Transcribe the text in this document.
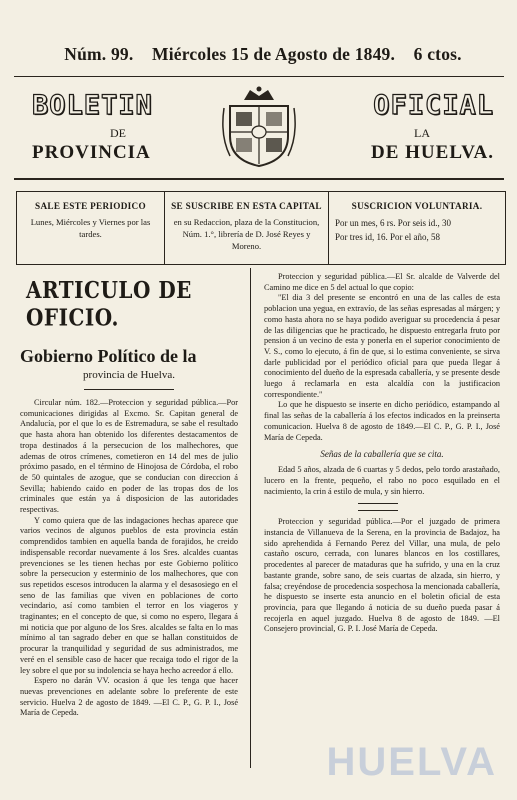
Núm. 99. Miércoles 15 de Agosto de 1849. 6 ctos.
BOLETIN
DE
PROVINCIA
OFICIAL
LA
DE HUELVA.
SALE ESTE PERIODICO
Lunes, Miércoles y Viernes por las tardes.
SE SUSCRIBE EN ESTA CAPITAL
en su Redaccion, plaza de la Constitucion, Núm. 1.°, librería de D. José Reyes y Moreno.
SUSCRICION VOLUNTARIA.
Por un mes, 6 rs. Por seis id., 30
Por tres id, 16. Por el año, 58
ARTICULO DE OFICIO.
Gobierno Político de la
provincia de Huelva.

Circular núm. 182.—Proteccion y seguridad pública.—Por comunicaciones dirigidas al Excmo. Sr. Capitan general de Andalucía, por el que lo es de Estremadura, se sabe el resultado que hasta ahora han obtenido los diferentes destacamentos de tropa destinados á la persecucion de los malhechores, que ademas de otros crímenes, cometieron en 14 del mes de julio próximo pasado, en el término de Hinojosa de Córdoba, el robo de 50 quintales de azogue, que se conducian con direccion á Sevilla; habiendo caido en poder de las tropas dos de los criminales que están ya á disposicion de las autoridades respectivas.

Y como quiera que de las indagaciones hechas aparece que varios vecinos de algunos pueblos de esta provincia están comprendidos tambien en aquella banda de forajidos, he creido indispensable recordar nuevamente á los Sres. alcaldes cuantas prevenciones se les tienen hechas por este Gobierno político sobre la persecucion y esterminio de los malhechores, que con sus repetidos escesos introducen la alarma y el desasosiego en el seno de las familias que viven en poblaciones de corto vecindario, así como tambien el terror en los viageros y traginantes; en el concepto de que, si como no espero, llegara á mi noticia que por alguno de los Sres. alcaldes se falta en lo mas mínimo al tan sagrado deber en que se hallan constituidos de procurar la tranquilidad y seguridad de sus administrados, me veré en el sensible caso de hacer que recaiga todo el rigor de la ley sobre el que por su indolencia se haya hecho acreedor á ello.

Espero no darán VV. ocasion á que les tenga que hacer nuevas prevenciones en adelante sobre lo preferente de este servicio. Huelva 2 de agosto de 1849. —El C. P., G. P. I., José María de Cepeda.

Proteccion y seguridad pública.—El Sr. alcalde de Valverde del Camino me dice en 5 del actual lo que copio:

"El dia 3 del presente se encontró en una de las calles de esta poblacion una yegua, en extravío, de las señas espresadas al márgen; y como hasta ahora no se haya podido averiguar su procedencia á pesar de las diligencias que he practicado, he dispuesto entregarla fruto por pension á un vecino de esta y ponerla en el superior conocimiento de V. S., como lo ejecuto, á fin de que, si lo estima conveniente, se sirva darle publicidad por el periódico oficial para que pueda llegar á conocimiento del dueño de la espresada caballería, y se presente desde luego á reclamarla en esta alcaldía con la justificacion correspondiente."

Lo que he dispuesto se inserte en dicho periódico, estampando al final las señas de la caballería á los efectos indicados en la preinserta comunicacion. Huelva 8 de agosto de 1849.—El C. P., G. P. I., José María de Cepeda.

Señas de la caballería que se cita.

Edad 5 años, alzada de 6 cuartas y 5 dedos, pelo tordo arastañado, lucero en la frente, pequeño, el rabo no poco esquilado en el nacimiento, la crin á estilo de mula, y sin hierro.

Proteccion y seguridad pública.—Por el juzgado de primera instancia de Villanueva de la Serena, en la provincia de Badajoz, ha sido aprehendida á Fernando Perez del Villar, una mula, de pelo castaño oscuro, cerrada, con lunares blancos en los costillares, procedentes al parecer de mataduras que ha sufrido, y una en la cruz bastante grande, sobre sano, de seis cuartas de alzada, sin hierro, y falsa; creyéndose de procedencia sospechosa la mencionada caballería, he dispuesto se inserte esta anuncio en el boletin oficial de esta provincia, para que llegando á noticia de su dueño pueda pasar á recojerla en aquel juzgado. Huelva 8 de agosto de 1849. —El Consejero provincial, G. P. I. José María de Cepeda.

HUELVA
